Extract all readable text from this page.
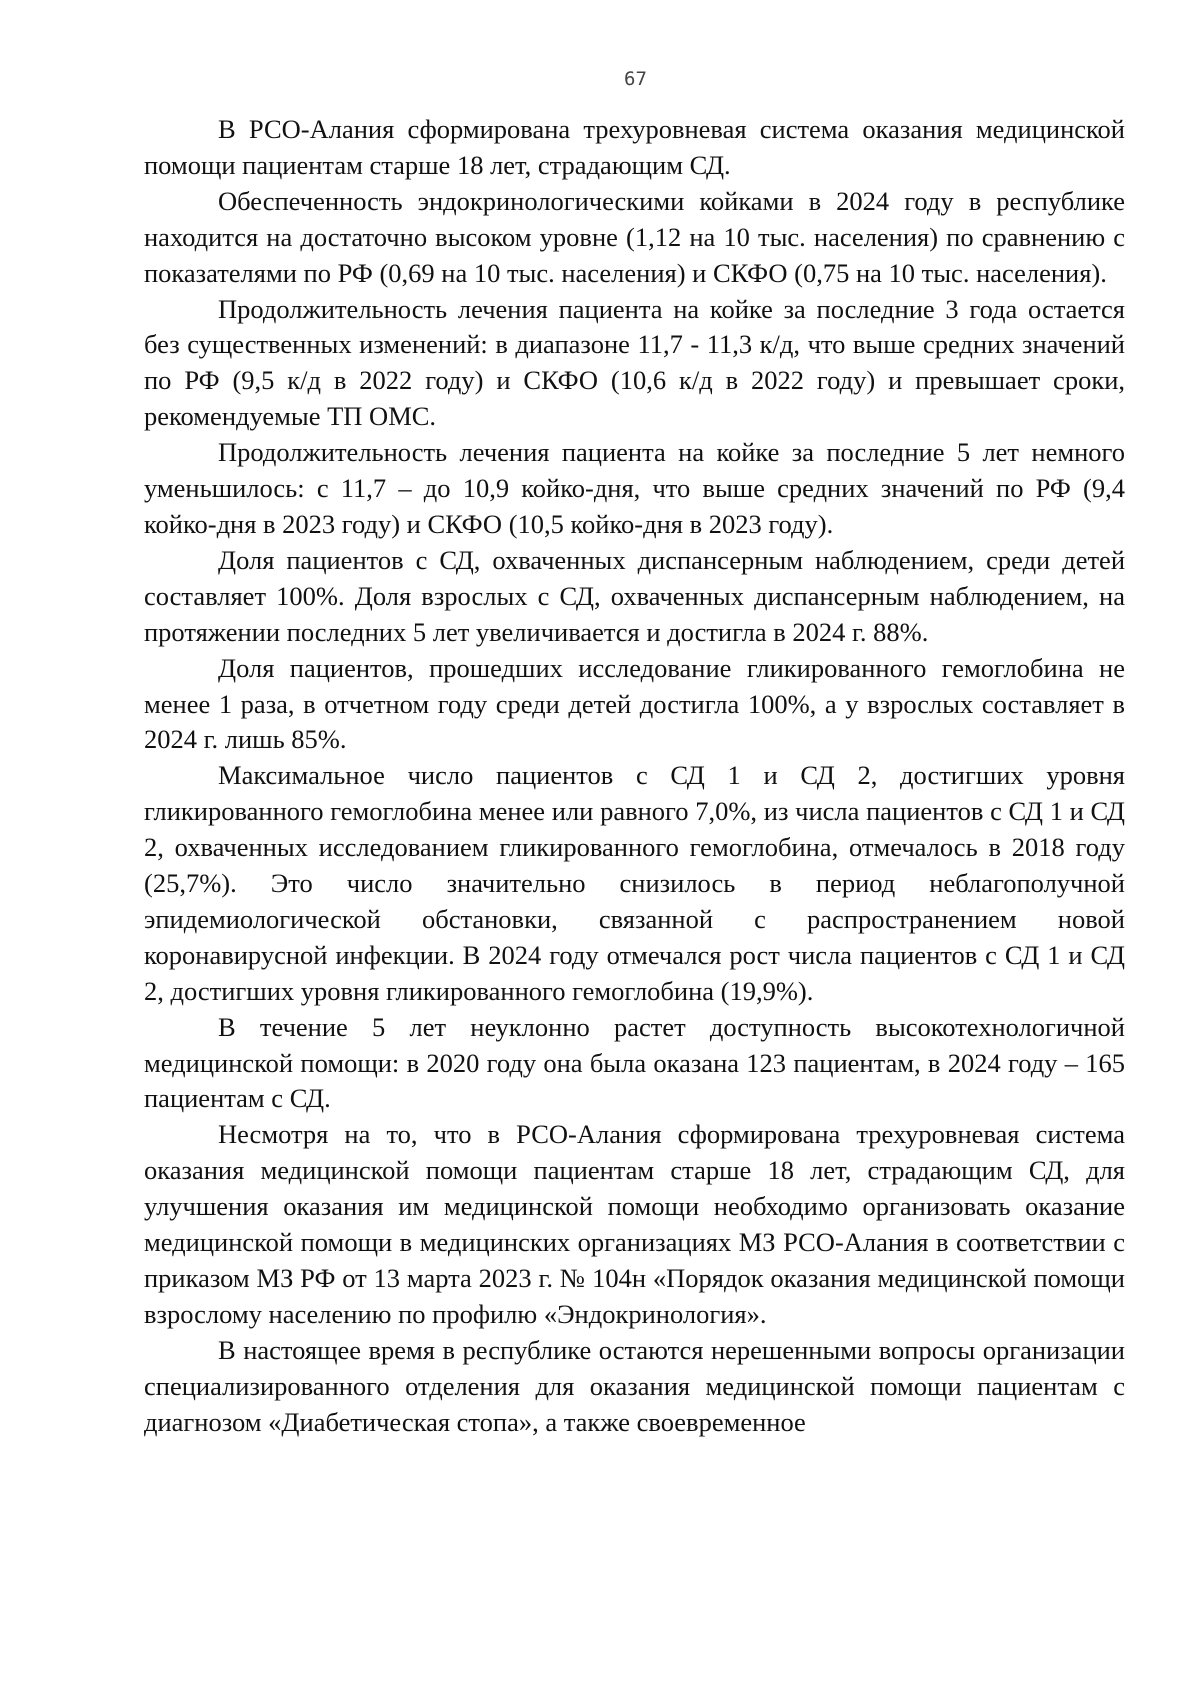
67

В РСО-Алания сформирована трехуровневая система оказания медицинской помощи пациентам старше 18 лет, страдающим СД.

Обеспеченность эндокринологическими койками в 2024 году в республике находится на достаточно высоком уровне (1,12 на 10 тыс. населения) по сравнению с показателями по РФ (0,69 на 10 тыс. населения) и СКФО (0,75 на 10 тыс. населения).

Продолжительность лечения пациента на койке за последние 3 года остается без существенных изменений: в диапазоне 11,7 - 11,3 к/д, что выше средних значений по РФ (9,5 к/д в 2022 году) и СКФО (10,6 к/д в 2022 году) и превышает сроки, рекомендуемые ТП ОМС.

Продолжительность лечения пациента на койке за последние 5 лет немного уменьшилось: с 11,7 – до 10,9 койко-дня, что выше средних значений по РФ (9,4 койко-дня в 2023 году) и СКФО (10,5 койко-дня в 2023 году).

Доля пациентов с СД, охваченных диспансерным наблюдением, среди детей составляет 100%. Доля взрослых с СД, охваченных диспансерным наблюдением, на протяжении последних 5 лет увеличивается и достигла в 2024 г. 88%.

Доля пациентов, прошедших исследование гликированного гемоглобина не менее 1 раза, в отчетном году среди детей достигла 100%, а у взрослых составляет в 2024 г. лишь 85%.

Максимальное число пациентов с СД 1 и СД 2, достигших уровня гликированного гемоглобина менее или равного 7,0%, из числа пациентов с СД 1 и СД 2, охваченных исследованием гликированного гемоглобина, отмечалось в 2018 году (25,7%). Это число значительно снизилось в период неблагополучной эпидемиологической обстановки, связанной с распространением новой коронавирусной инфекции. В 2024 году отмечался рост числа пациентов с СД 1 и СД 2, достигших уровня гликированного гемоглобина (19,9%).

В течение 5 лет неуклонно растет доступность высокотехнологичной медицинской помощи: в 2020 году она была оказана 123 пациентам, в 2024 году – 165 пациентам с СД.

Несмотря на то, что в РСО-Алания сформирована трехуровневая система оказания медицинской помощи пациентам старше 18 лет, страдающим СД, для улучшения оказания им медицинской помощи необходимо организовать оказание медицинской помощи в медицинских организациях МЗ РСО-Алания в соответствии с приказом МЗ РФ от 13 марта 2023 г. № 104н «Порядок оказания медицинской помощи взрослому населению по профилю «Эндокринология».

В настоящее время в республике остаются нерешенными вопросы организации специализированного отделения для оказания медицинской помощи пациентам с диагнозом «Диабетическая стопа», а также своевременное
